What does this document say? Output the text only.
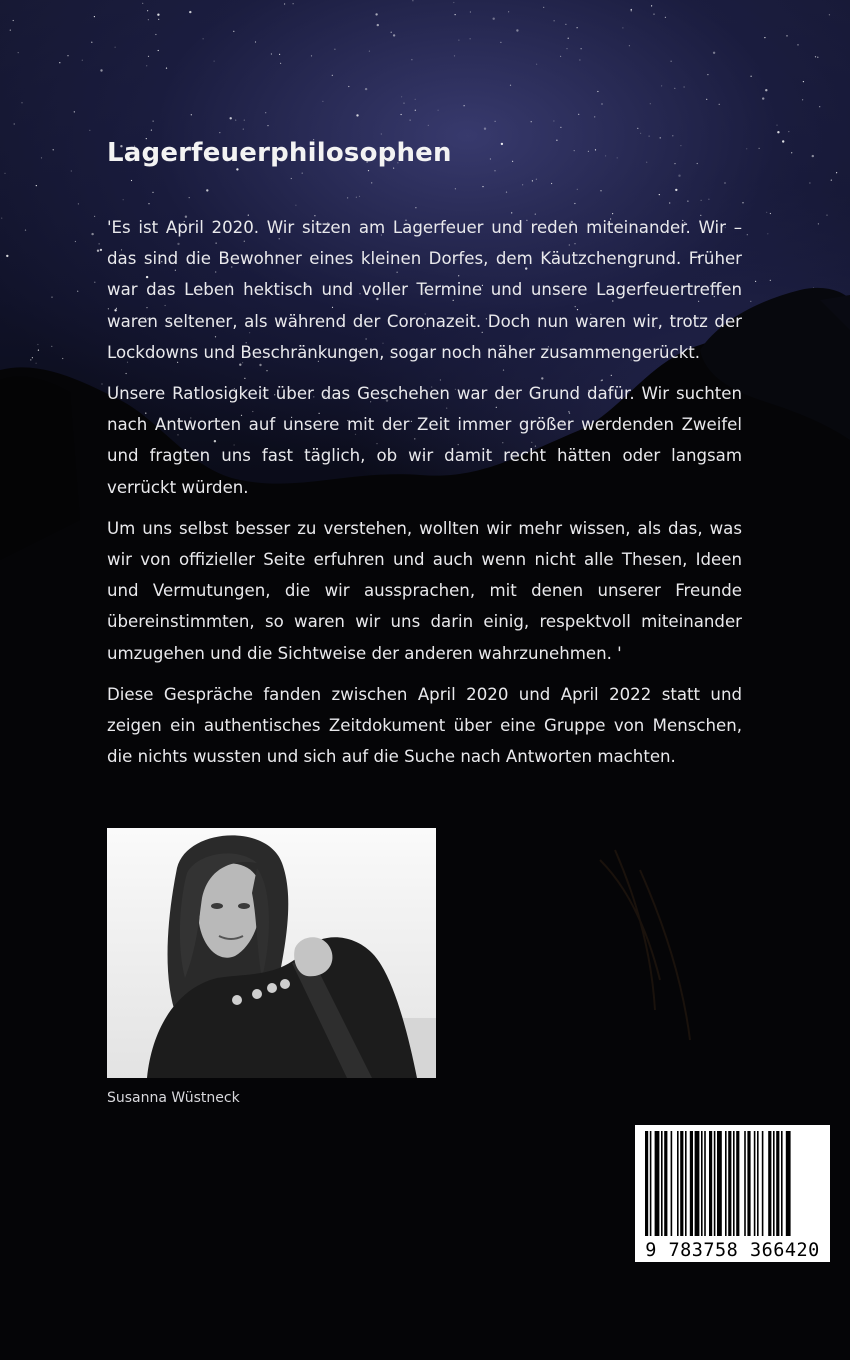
Lagerfeuerphilosophen

'Es ist April 2020. Wir sitzen am Lagerfeuer und reden miteinander. Wir – das sind die Bewohner eines kleinen Dorfes, dem Käutzchengrund. Früher war das Leben hektisch und voller Termine und unsere Lagerfeuertreffen waren seltener, als während der Coronazeit. Doch nun waren wir, trotz der Lockdowns und Beschränkungen, sogar noch näher zusammengerückt.

Unsere Ratlosigkeit über das Geschehen war der Grund dafür. Wir suchten nach Antworten auf unsere mit der Zeit immer größer werdenden Zweifel und fragten uns fast täglich, ob wir damit recht hätten oder langsam verrückt würden.

Um uns selbst besser zu verstehen, wollten wir mehr wissen, als das, was wir von offizieller Seite erfuhren und auch wenn nicht alle Thesen, Ideen und Vermutungen, die wir aussprachen, mit denen unserer Freunde übereinstimmten, so waren wir uns darin einig, respektvoll miteinander umzugehen und die Sichtweise der anderen wahrzunehmen. '

Diese Gespräche fanden zwischen April 2020 und April 2022 statt und zeigen ein authentisches Zeitdokument über eine Gruppe von Menschen, die nichts wussten und sich auf die Suche nach Antworten machten.

Susanna Wüstneck
9 783758 366420
